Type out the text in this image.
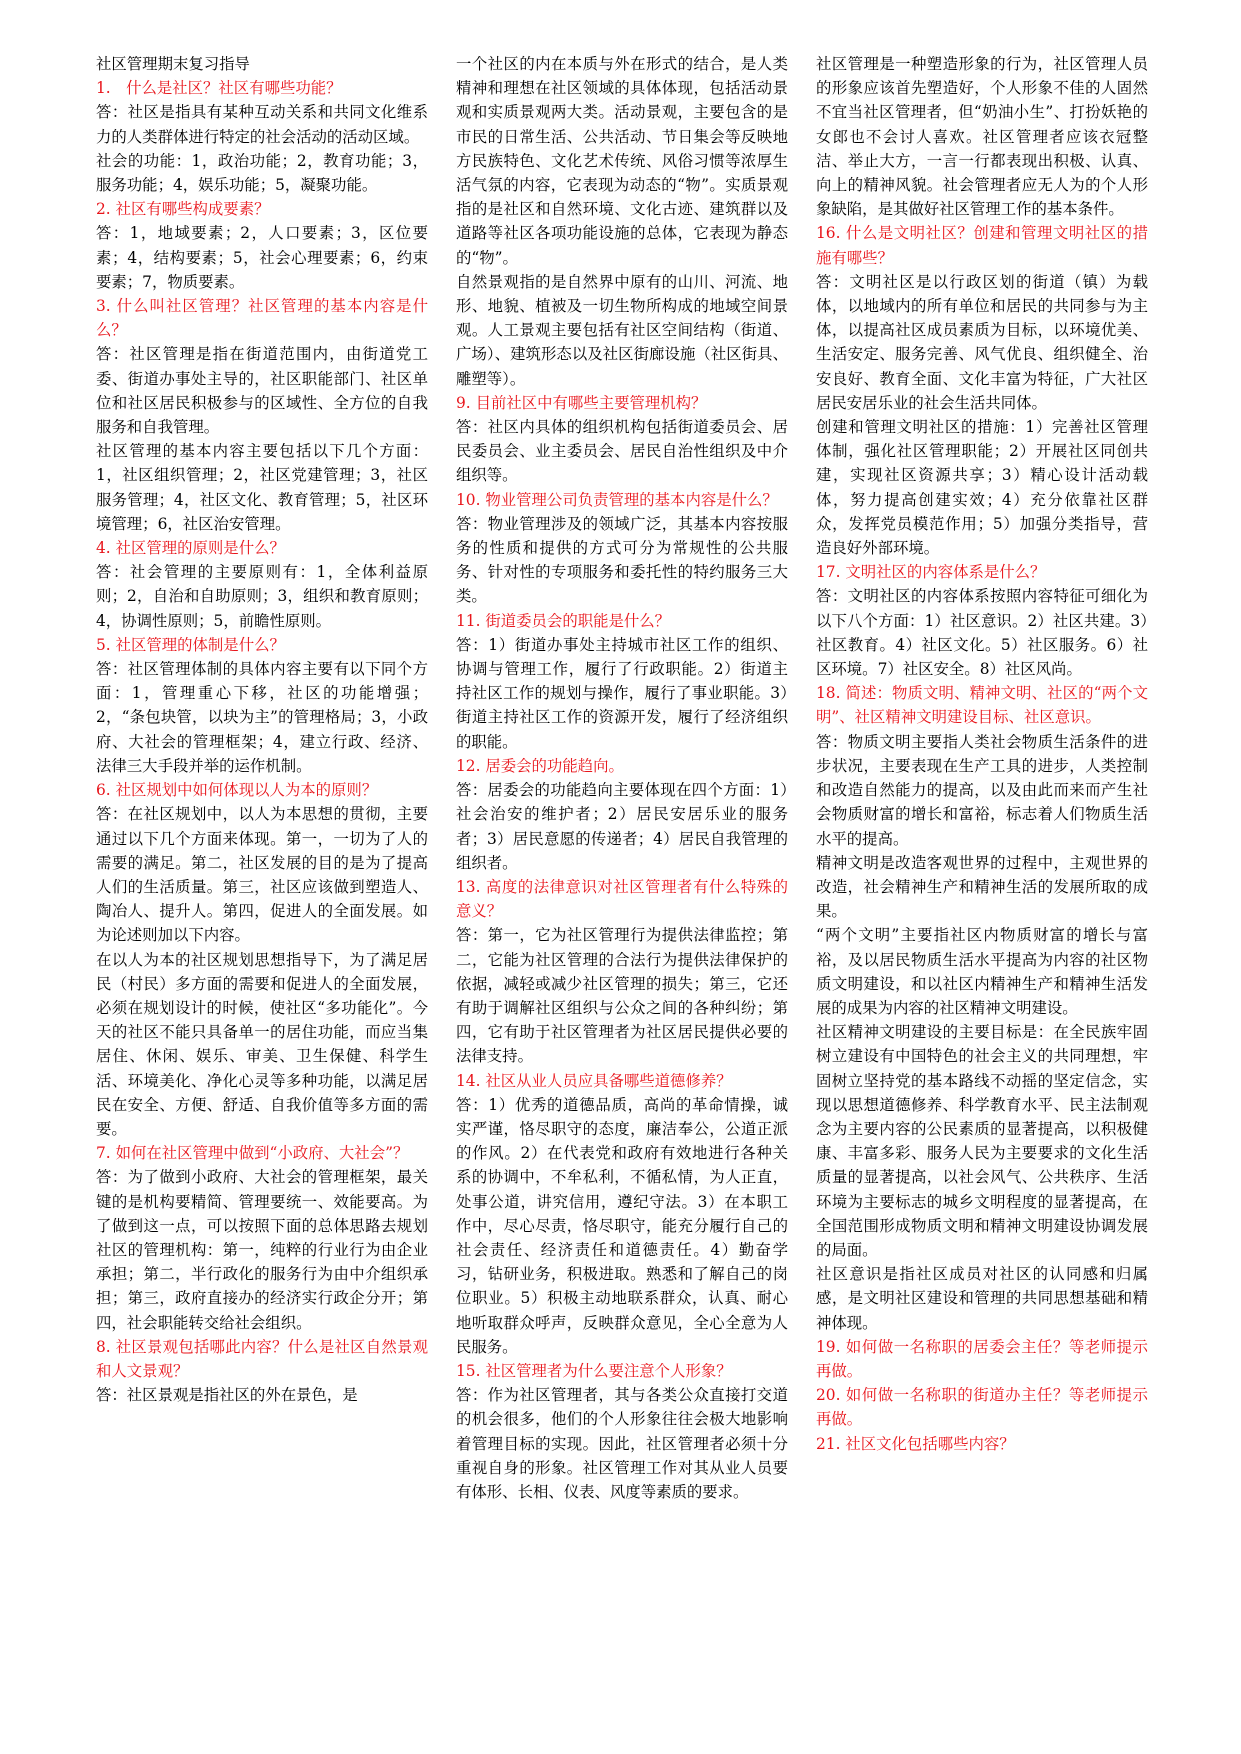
社区管理期末复习指导

1.　什么是社区？社区有哪些功能？

答：社区是指具有某种互动关系和共同文化维系力的人类群体进行特定的社会活动的活动区域。

社会的功能：1，政治功能；2，教育功能；3，服务功能；4，娱乐功能；5，凝聚功能。

2. 社区有哪些构成要素？

答：1，地域要素；2，人口要素；3，区位要素；4，结构要素；5，社会心理要素；6，约束要素；7，物质要素。

3. 什么叫社区管理？社区管理的基本内容是什么？

答：社区管理是指在街道范围内，由街道党工委、街道办事处主导的，社区职能部门、社区单位和社区居民积极参与的区域性、全方位的自我服务和自我管理。

社区管理的基本内容主要包括以下几个方面：1，社区组织管理；2，社区党建管理；3，社区服务管理；4，社区文化、教育管理；5，社区环境管理；6，社区治安管理。

4. 社区管理的原则是什么？

答：社会管理的主要原则有：1，全体利益原则；2，自治和自助原则；3，组织和教育原则；4，协调性原则；5，前瞻性原则。

5. 社区管理的体制是什么？

答：社区管理体制的具体内容主要有以下同个方面：1，管理重心下移，社区的功能增强；2，“条包块管，以块为主”的管理格局；3，小政府、大社会的管理框架；4，建立行政、经济、法律三大手段并举的运作机制。

6. 社区规划中如何体现以人为本的原则？

答：在社区规划中，以人为本思想的贯彻，主要通过以下几个方面来体现。第一，一切为了人的需要的满足。第二，社区发展的目的是为了提高人们的生活质量。第三，社区应该做到塑造人、陶冶人、提升人。第四，促进人的全面发展。如为论述则加以下内容。

在以人为本的社区规划思想指导下，为了满足居民（村民）多方面的需要和促进人的全面发展，必须在规划设计的时候，使社区“多功能化”。今天的社区不能只具备单一的居住功能，而应当集居住、休闲、娱乐、审美、卫生保健、科学生活、环境美化、净化心灵等多种功能，以满足居民在安全、方便、舒适、自我价值等多方面的需要。

7. 如何在社区管理中做到“小政府、大社会”？

答：为了做到小政府、大社会的管理框架，最关键的是机构要精简、管理要统一、效能要高。为了做到这一点，可以按照下面的总体思路去规划社区的管理机构：第一，纯粹的行业行为由企业承担；第二，半行政化的服务行为由中介组织承担；第三，政府直接办的经济实行政企分开；第四，社会职能转交给社会组织。

8. 社区景观包括哪此内容？什么是社区自然景观和人文景观？

答：社区景观是指社区的外在景色，是

一个社区的内在本质与外在形式的结合，是人类精神和理想在社区领域的具体体现，包括活动景观和实质景观两大类。活动景观，主要包含的是市民的日常生活、公共活动、节日集会等反映地方民族特色、文化艺术传统、风俗习惯等浓厚生活气氛的内容，它表现为动态的“物”。实质景观指的是社区和自然环境、文化古迹、建筑群以及道路等社区各项功能设施的总体，它表现为静态的“物”。

自然景观指的是自然界中原有的山川、河流、地形、地貌、植被及一切生物所构成的地域空间景观。人工景观主要包括有社区空间结构（街道、广场）、建筑形态以及社区街廊设施（社区街具、雕塑等）。

9. 目前社区中有哪些主要管理机构？

答：社区内具体的组织机构包括街道委员会、居民委员会、业主委员会、居民自治性组织及中介组织等。

10. 物业管理公司负责管理的基本内容是什么？

答：物业管理涉及的领域广泛，其基本内容按服务的性质和提供的方式可分为常规性的公共服务、针对性的专项服务和委托性的特约服务三大类。

11. 街道委员会的职能是什么？

答：1）街道办事处主持城市社区工作的组织、协调与管理工作，履行了行政职能。2）街道主持社区工作的规划与操作，履行了事业职能。3）街道主持社区工作的资源开发，履行了经济组织的职能。

12. 居委会的功能趋向。

答：居委会的功能趋向主要体现在四个方面：1）社会治安的维护者；2）居民安居乐业的服务者；3）居民意愿的传递者；4）居民自我管理的组织者。

13. 高度的法律意识对社区管理者有什么特殊的意义？

答：第一，它为社区管理行为提供法律监控；第二，它能为社区管理的合法行为提供法律保护的依据，减轻或减少社区管理的损失；第三，它还有助于调解社区组织与公众之间的各种纠纷；第四，它有助于社区管理者为社区居民提供必要的法律支持。

14. 社区从业人员应具备哪些道德修养？

答：1）优秀的道德品质，高尚的革命情操，诚实严谨，恪尽职守的态度，廉洁奉公，公道正派的作风。2）在代表党和政府有效地进行各种关系的协调中，不牟私利，不循私情，为人正直，处事公道，讲究信用，遵纪守法。3）在本职工作中，尽心尽责，恪尽职守，能充分履行自己的社会责任、经济责任和道德责任。4）勤奋学习，钻研业务，积极进取。熟悉和了解自己的岗位职业。5）积极主动地联系群众，认真、耐心地听取群众呼声，反映群众意见，全心全意为人民服务。

15. 社区管理者为什么要注意个人形象？

答：作为社区管理者，其与各类公众直接打交道的机会很多，他们的个人形象往往会极大地影响着管理目标的实现。因此，社区管理者必须十分重视自身的形象。社区管理工作对其从业人员要有体形、长相、仪表、风度等素质的要求。

社区管理是一种塑造形象的行为，社区管理人员的形象应该首先塑造好，个人形象不佳的人固然不宜当社区管理者，但“奶油小生”、打扮妖艳的女郎也不会讨人喜欢。社区管理者应该衣冠整洁、举止大方，一言一行都表现出积极、认真、向上的精神风貌。社会管理者应无人为的个人形象缺陷，是其做好社区管理工作的基本条件。

16. 什么是文明社区？创建和管理文明社区的措施有哪些？

答：文明社区是以行政区划的街道（镇）为载体，以地域内的所有单位和居民的共同参与为主体，以提高社区成员素质为目标，以环境优美、生活安定、服务完善、风气优良、组织健全、治安良好、教育全面、文化丰富为特征，广大社区居民安居乐业的社会生活共同体。

创建和管理文明社区的措施：1）完善社区管理体制，强化社区管理职能；2）开展社区同创共建，实现社区资源共享；3）精心设计活动载体，努力提高创建实效；4）充分依靠社区群众，发挥党员模范作用；5）加强分类指导，营造良好外部环境。

17. 文明社区的内容体系是什么？

答：文明社区的内容体系按照内容特征可细化为以下八个方面：1）社区意识。2）社区共建。3）社区教育。4）社区文化。5）社区服务。6）社区环境。7）社区安全。8）社区风尚。

18. 简述：物质文明、精神文明、社区的“两个文明”、社区精神文明建设目标、社区意识。

答：物质文明主要指人类社会物质生活条件的进步状况，主要表现在生产工具的进步，人类控制和改造自然能力的提高，以及由此而来而产生社会物质财富的增长和富裕，标志着人们物质生活水平的提高。

精神文明是改造客观世界的过程中，主观世界的改造，社会精神生产和精神生活的发展所取的成果。

“两个文明”主要指社区内物质财富的增长与富裕，及以居民物质生活水平提高为内容的社区物质文明建设，和以社区内精神生产和精神生活发展的成果为内容的社区精神文明建设。

社区精神文明建设的主要目标是：在全民族牢固树立建设有中国特色的社会主义的共同理想，牢固树立坚持党的基本路线不动摇的坚定信念，实现以思想道德修养、科学教育水平、民主法制观念为主要内容的公民素质的显著提高，以积极健康、丰富多彩、服务人民为主要要求的文化生活质量的显著提高，以社会风气、公共秩序、生活环境为主要标志的城乡文明程度的显著提高，在全国范围形成物质文明和精神文明建设协调发展的局面。

社区意识是指社区成员对社区的认同感和归属感，是文明社区建设和管理的共同思想基础和精神体现。

19. 如何做一名称职的居委会主任？等老师提示再做。

20. 如何做一名称职的街道办主任？等老师提示再做。

21. 社区文化包括哪些内容？
